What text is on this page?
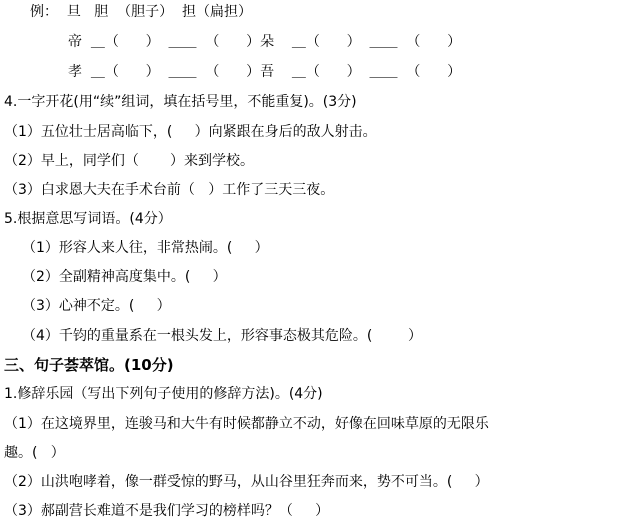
例：  旦   胆  （胆子）  担（扁担）
帝  ＿（      ）  ＿＿  （      ）朵    ＿（      ）  ＿＿  （      ）
孝  ＿（      ）  ＿＿  （      ）吾    ＿（      ）  ＿＿  （      ）
4.一字开花(用“续”组词，填在括号里，不能重复)。(3分)
（1）五位壮士居高临下，(     ）向紧跟在身后的敌人射击。
（2）早上，同学们（       ）来到学校。
（3）白求恩大夫在手术台前（   ）工作了三天三夜。
5.根据意思写词语。(4分）
（1）形容人来人往，非常热闹。(     ）
（2）全副精神高度集中。(     ）
（3）心神不定。(     ）
（4）千钧的重量系在一根头发上，形容事态极其危险。(        ）
三、句子荟萃馆。(10分)
1.修辞乐园（写出下列句子使用的修辞方法)。(4分)
（1）在这境界里，连骏马和大牛有时候都静立不动，好像在回味草原的无限乐
趣。(   ）
（2）山洪咆哮着，像一群受惊的野马，从山谷里狂奔而来，势不可当。(     ）
（3）郝副营长难道不是我们学习的榜样吗？（     ）
